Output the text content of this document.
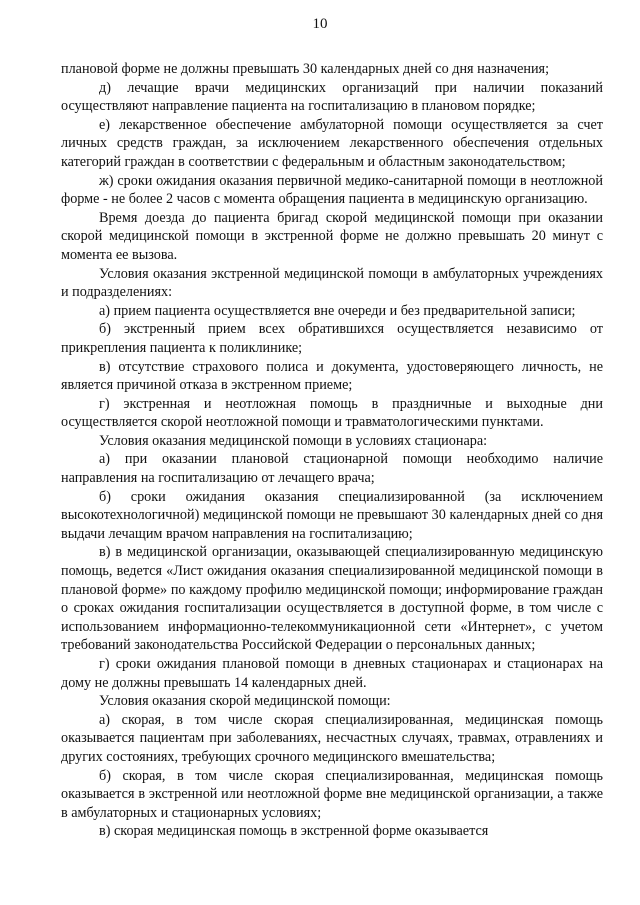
10

плановой форме не должны превышать 30 календарных дней со дня назначения;

д) лечащие врачи медицинских организаций при наличии показаний осуществляют направление пациента на госпитализацию в плановом порядке;

е) лекарственное обеспечение амбулаторной помощи осуществляется за счет личных средств граждан, за исключением лекарственного обеспечения отдельных категорий граждан в соответствии с федеральным и областным законодательством;

ж) сроки ожидания оказания первичной медико-санитарной помощи в неотложной форме - не более 2 часов с момента обращения пациента в медицинскую организацию.

Время доезда до пациента бригад скорой медицинской помощи при оказании скорой медицинской помощи в экстренной форме не должно превышать 20 минут с момента ее вызова.

Условия оказания экстренной медицинской помощи в амбулаторных учреждениях и подразделениях:

а) прием пациента осуществляется вне очереди и без предварительной записи;

б) экстренный прием всех обратившихся осуществляется независимо от прикрепления пациента к поликлинике;

в) отсутствие страхового полиса и документа, удостоверяющего личность, не является причиной отказа в экстренном приеме;

г) экстренная и неотложная помощь в праздничные и выходные дни осуществляется скорой неотложной помощи и травматологическими пунктами.

Условия оказания медицинской помощи в условиях стационара:

а) при оказании плановой стационарной помощи необходимо наличие направления на госпитализацию от лечащего врача;

б) сроки ожидания оказания специализированной (за исключением высокотехнологичной) медицинской помощи не превышают 30 календарных дней со дня выдачи лечащим врачом направления на госпитализацию;

в) в медицинской организации, оказывающей специализированную медицинскую помощь, ведется «Лист ожидания оказания специализированной медицинской помощи в плановой форме» по каждому профилю медицинской помощи; информирование граждан о сроках ожидания госпитализации осуществляется в доступной форме, в том числе с использованием информационно-телекоммуникационной сети «Интернет», с учетом требований законодательства Российской Федерации о персональных данных;

г) сроки ожидания плановой помощи в дневных стационарах и стационарах на дому не должны превышать 14 календарных дней.

Условия оказания скорой медицинской помощи:

а) скорая, в том числе скорая специализированная, медицинская помощь оказывается пациентам при заболеваниях, несчастных случаях, травмах, отравлениях и других состояниях, требующих срочного медицинского вмешательства;

б) скорая, в том числе скорая специализированная, медицинская помощь оказывается в экстренной или неотложной форме вне медицинской организации, а также в амбулаторных и стационарных условиях;

в) скорая медицинская помощь в экстренной форме оказывается
